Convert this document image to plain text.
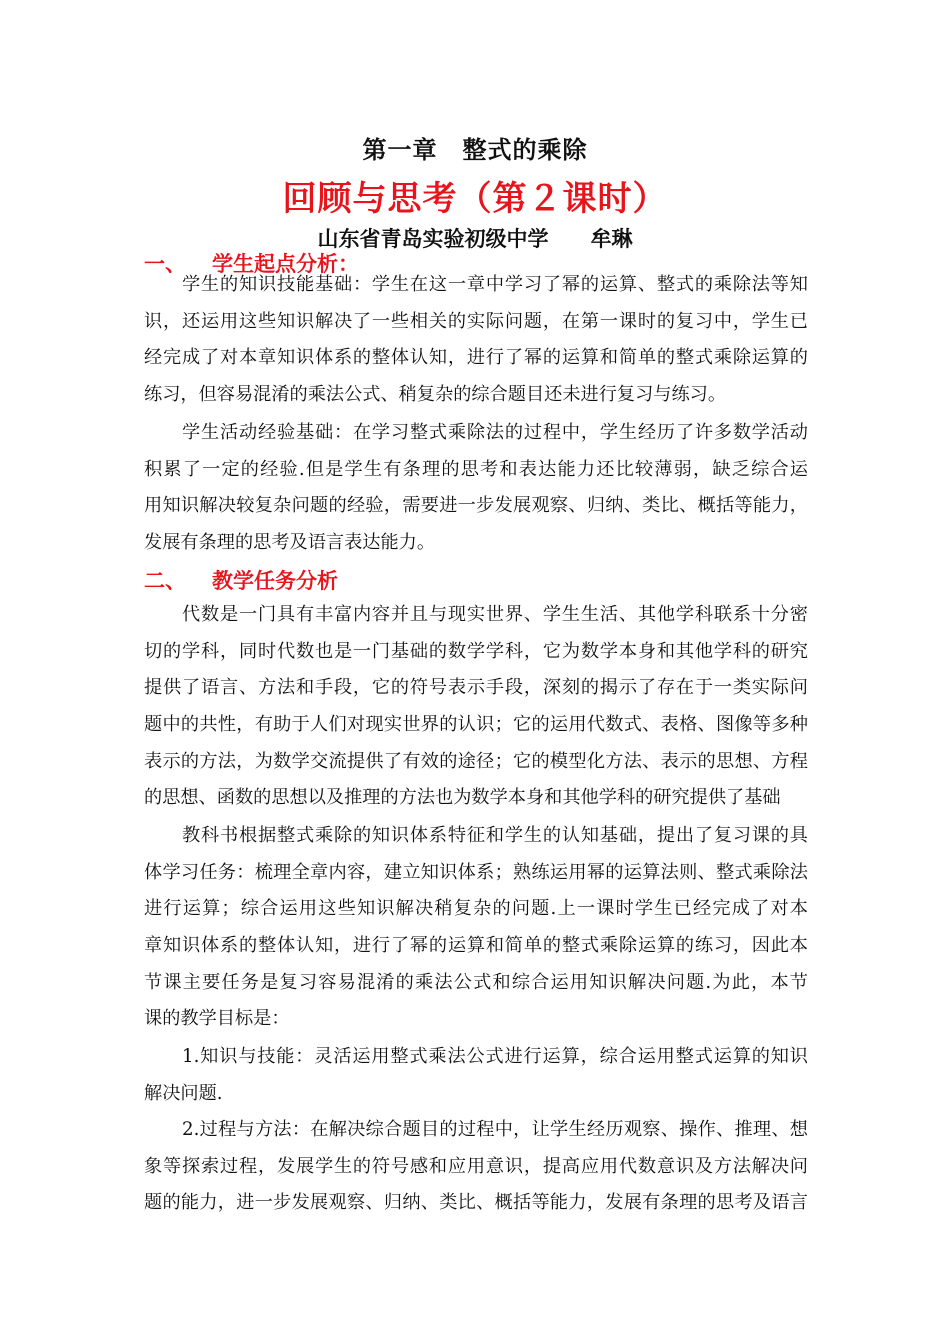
第一章　整式的乘除
回顾与思考（第２课时）
山东省青岛实验初级中学　　牟琳
一、 学生起点分析：
学生的知识技能基础：学生在这一章中学习了幂的运算、整式的乘除法等知
识，还运用这些知识解决了一些相关的实际问题，在第一课时的复习中，学生已
经完成了对本章知识体系的整体认知，进行了幂的运算和简单的整式乘除运算的
练习，但容易混淆的乘法公式、稍复杂的综合题目还未进行复习与练习。
学生活动经验基础：在学习整式乘除法的过程中，学生经历了许多数学活动
积累了一定的经验.但是学生有条理的思考和表达能力还比较薄弱，缺乏综合运
用知识解决较复杂问题的经验，需要进一步发展观察、归纳、类比、概括等能力，
发展有条理的思考及语言表达能力。
二、 教学任务分析
代数是一门具有丰富内容并且与现实世界、学生生活、其他学科联系十分密
切的学科，同时代数也是一门基础的数学学科，它为数学本身和其他学科的研究
提供了语言、方法和手段，它的符号表示手段，深刻的揭示了存在于一类实际问
题中的共性，有助于人们对现实世界的认识；它的运用代数式、表格、图像等多种
表示的方法，为数学交流提供了有效的途径；它的模型化方法、表示的思想、方程
的思想、函数的思想以及推理的方法也为数学本身和其他学科的研究提供了基础
教科书根据整式乘除的知识体系特征和学生的认知基础，提出了复习课的具
体学习任务：梳理全章内容，建立知识体系；熟练运用幂的运算法则、整式乘除法
进行运算；综合运用这些知识解决稍复杂的问题.上一课时学生已经完成了对本
章知识体系的整体认知，进行了幂的运算和简单的整式乘除运算的练习，因此本
节课主要任务是复习容易混淆的乘法公式和综合运用知识解决问题.为此，本节
课的教学目标是：
1.知识与技能：灵活运用整式乘法公式进行运算，综合运用整式运算的知识
解决问题.
2.过程与方法：在解决综合题目的过程中，让学生经历观察、操作、推理、想
象等探索过程，发展学生的符号感和应用意识，提高应用代数意识及方法解决问
题的能力，进一步发展观察、归纳、类比、概括等能力，发展有条理的思考及语言
